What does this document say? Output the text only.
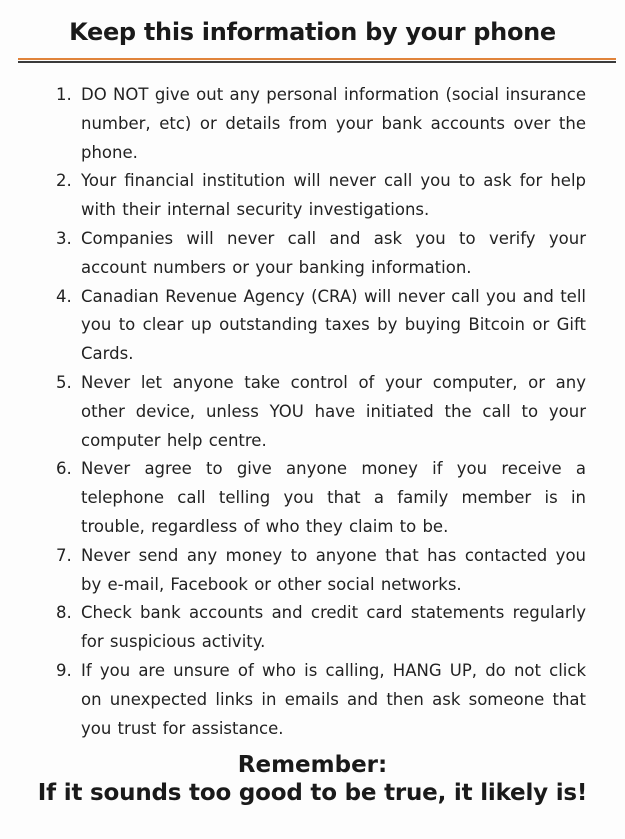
Keep this information by your phone
1. DO NOT give out any personal information (social insurance number, etc) or details from your bank accounts over the phone.
2. Your financial institution will never call you to ask for help with their internal security investigations.
3. Companies will never call and ask you to verify your account numbers or your banking information.
4. Canadian Revenue Agency (CRA) will never call you and tell you to clear up outstanding taxes by buying Bitcoin or Gift Cards.
5. Never let anyone take control of your computer, or any other device, unless YOU have initiated the call to your computer help centre.
6. Never agree to give anyone money if you receive a telephone call telling you that a family member is in trouble, regardless of who they claim to be.
7. Never send any money to anyone that has contacted you by e-mail, Facebook or other social networks.
8. Check bank accounts and credit card statements regularly for suspicious activity.
9. If you are unsure of who is calling, HANG UP, do not click on unexpected links in emails and then ask someone that you trust for assistance.
Remember:
If it sounds too good to be true, it likely is!
